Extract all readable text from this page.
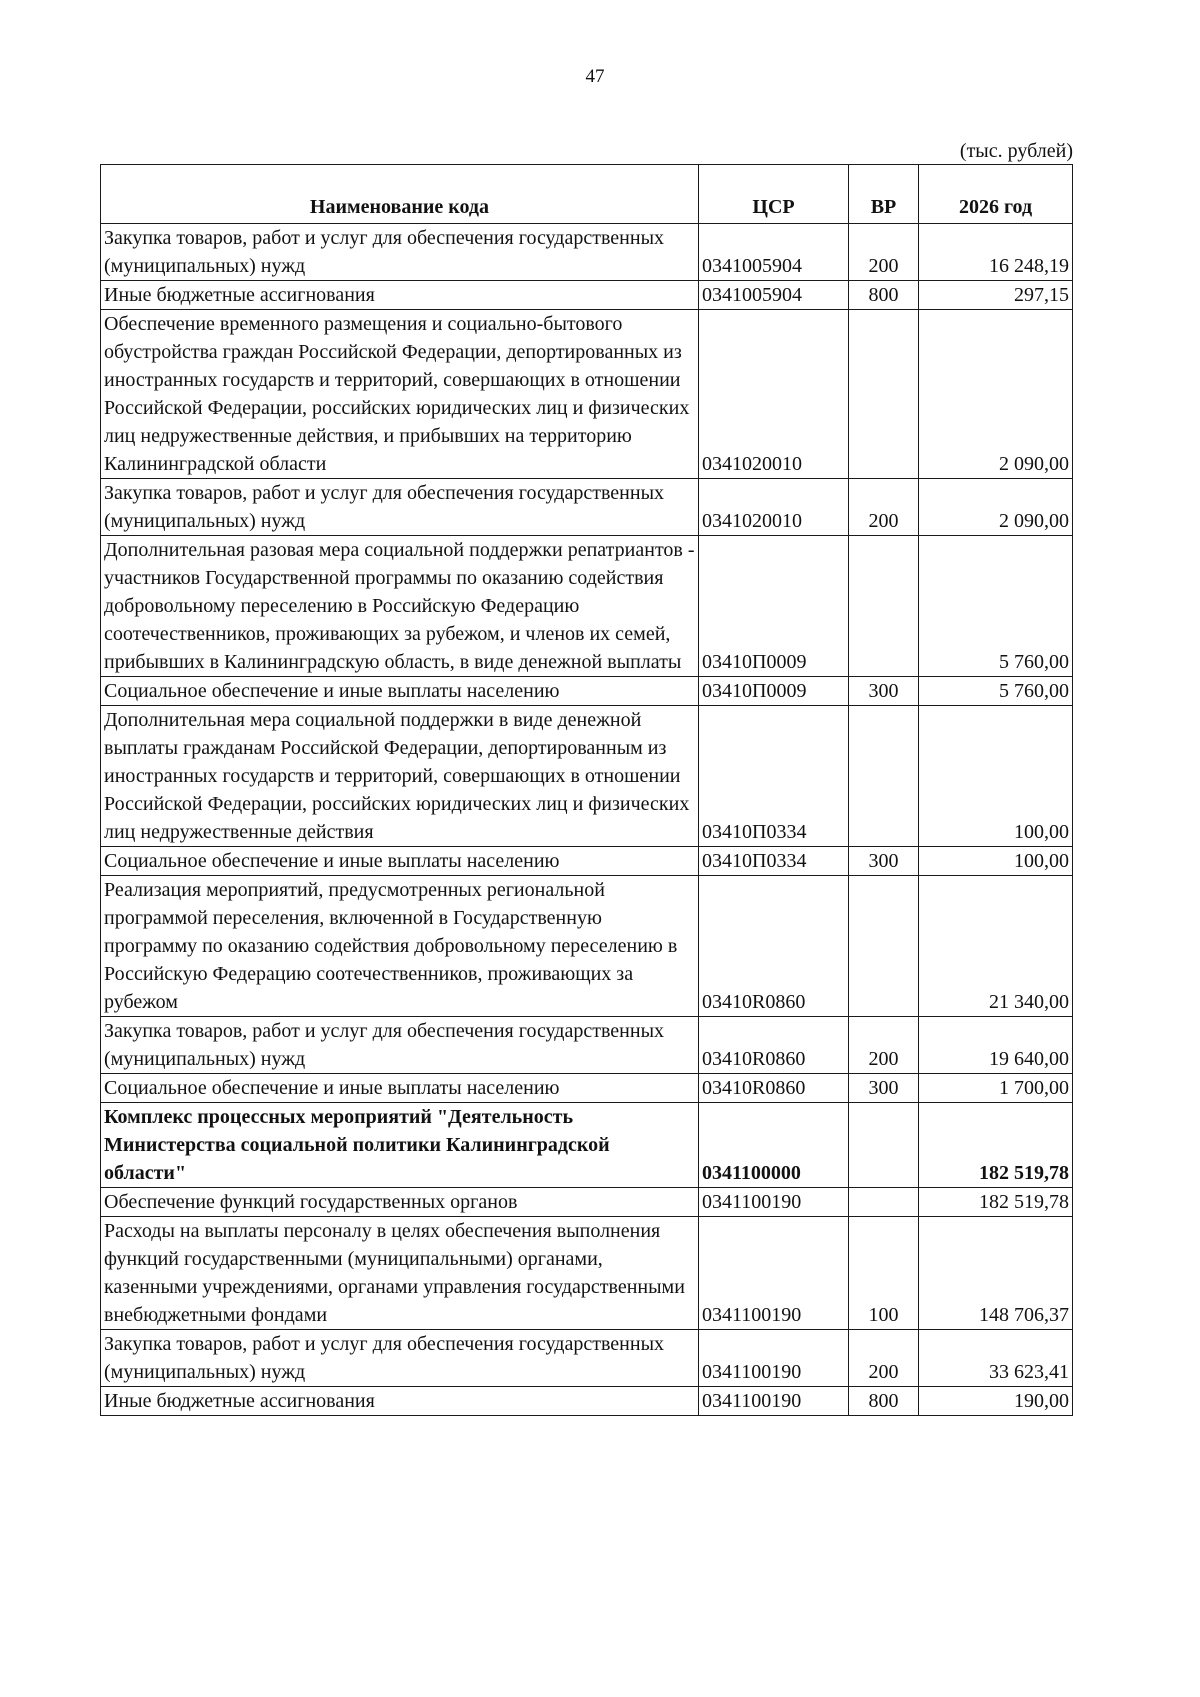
47
(тыс. рублей)
Наименование кода	ЦСР	ВР	2026 год
Закупка товаров, работ и услуг для обеспечения государственных (муниципальных) нужд	0341005904	200	16 248,19
Иные бюджетные ассигнования	0341005904	800	297,15
Обеспечение временного размещения и социально-бытового обустройства граждан Российской Федерации, депортированных из иностранных государств и территорий, совершающих в отношении Российской Федерации, российских юридических лиц и физических лиц недружественные действия, и прибывших на территорию Калининградской области	0341020010		2 090,00
Закупка товаров, работ и услуг для обеспечения государственных (муниципальных) нужд	0341020010	200	2 090,00
Дополнительная разовая мера социальной поддержки репатриантов - участников Государственной программы по оказанию содействия добровольному переселению в Российскую Федерацию соотечественников, проживающих за рубежом, и членов их семей, прибывших в Калининградскую область, в виде денежной выплаты	03410П0009		5 760,00
Социальное обеспечение и иные выплаты населению	03410П0009	300	5 760,00
Дополнительная мера социальной поддержки в виде денежной выплаты гражданам Российской Федерации, депортированным из иностранных государств и территорий, совершающих в отношении Российской Федерации, российских юридических лиц и физических лиц недружественные действия	03410П0334		100,00
Социальное обеспечение и иные выплаты населению	03410П0334	300	100,00
Реализация мероприятий, предусмотренных региональной программой переселения, включенной в Государственную программу по оказанию содействия добровольному переселению в Российскую Федерацию соотечественников, проживающих за рубежом	03410R0860		21 340,00
Закупка товаров, работ и услуг для обеспечения государственных (муниципальных) нужд	03410R0860	200	19 640,00
Социальное обеспечение и иные выплаты населению	03410R0860	300	1 700,00
Комплекс процессных мероприятий "Деятельность Министерства социальной политики Калининградской области"	0341100000		182 519,78
Обеспечение функций государственных органов	0341100190		182 519,78
Расходы на выплаты персоналу в целях обеспечения выполнения функций государственными (муниципальными) органами, казенными учреждениями, органами управления государственными внебюджетными фондами	0341100190	100	148 706,37
Закупка товаров, работ и услуг для обеспечения государственных (муниципальных) нужд	0341100190	200	33 623,41
Иные бюджетные ассигнования	0341100190	800	190,00
